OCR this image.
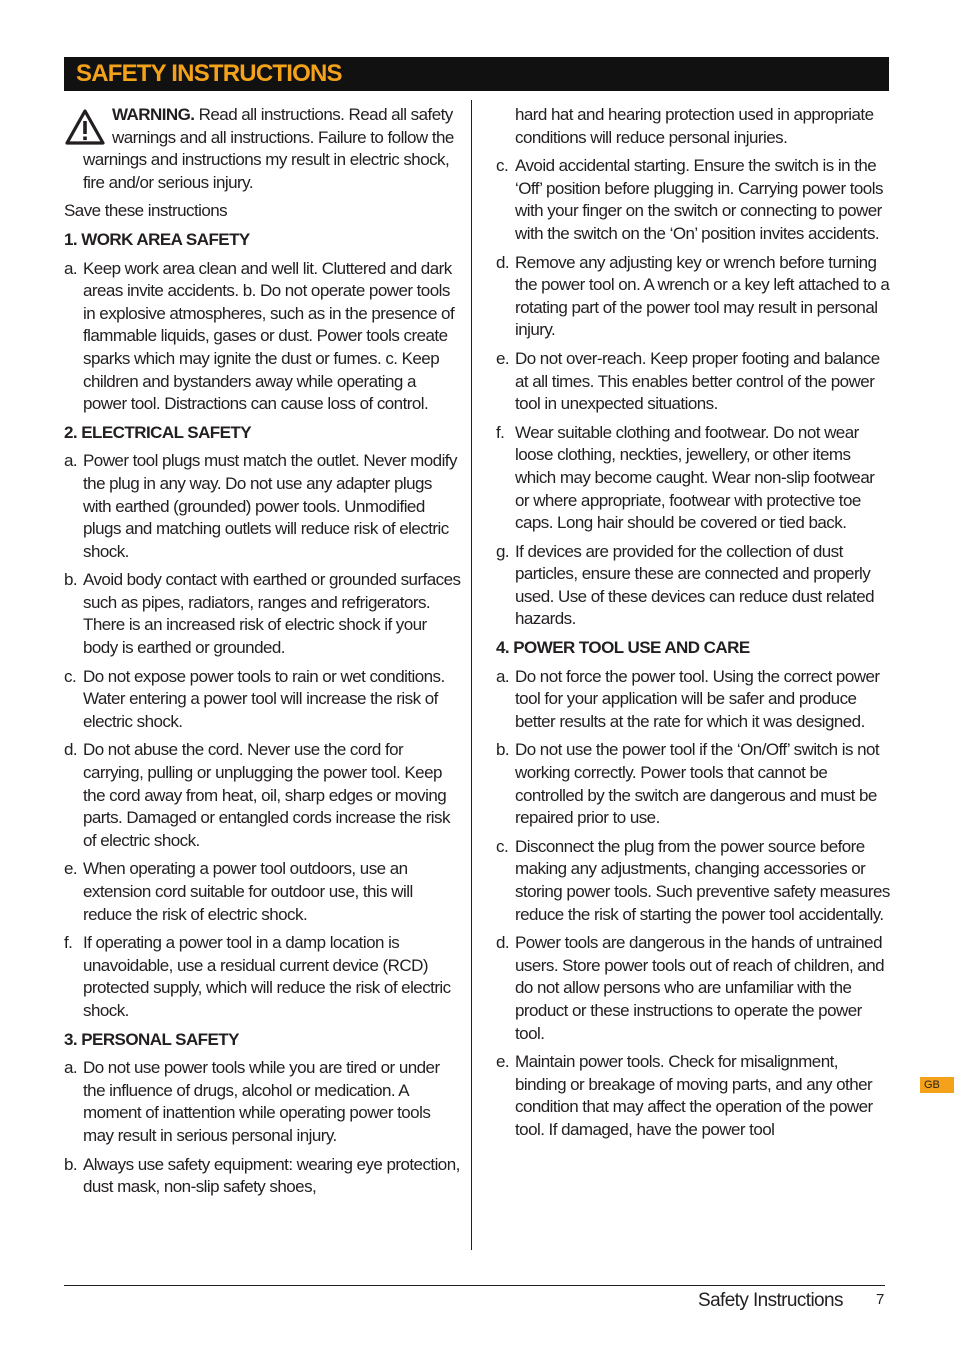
SAFETY INSTRUCTIONS

WARNING. Read all instructions. Read all safety warnings and all instructions. Failure to follow the warnings and instructions my result in electric shock, fire and/or serious injury.

Save these instructions

1. WORK AREA SAFETY

a. Keep work area clean and well lit. Cluttered and dark areas invite accidents. b. Do not operate power tools in explosive atmospheres, such as in the presence of flammable liquids, gases or dust. Power tools create sparks which may ignite the dust or fumes. c. Keep children and bystanders away while operating a power tool. Distractions can cause loss of control.

2. ELECTRICAL SAFETY

a. Power tool plugs must match the outlet. Never modify the plug in any way. Do not use any adapter plugs with earthed (grounded) power tools. Unmodified plugs and matching outlets will reduce risk of electric shock.

b. Avoid body contact with earthed or grounded surfaces such as pipes, radiators, ranges and refrigerators. There is an increased risk of electric shock if your body is earthed or grounded.

c. Do not expose power tools to rain or wet conditions. Water entering a power tool will increase the risk of electric shock.

d. Do not abuse the cord. Never use the cord for carrying, pulling or unplugging the power tool. Keep the cord away from heat, oil, sharp edges or moving parts. Damaged or entangled cords increase the risk of electric shock.

e. When operating a power tool outdoors, use an extension cord suitable for outdoor use, this will reduce the risk of electric shock.

f. If operating a power tool in a damp location is unavoidable, use a residual current device (RCD) protected supply, which will reduce the risk of electric shock.

3. PERSONAL SAFETY

a. Do not use power tools while you are tired or under the influence of drugs, alcohol or medication. A moment of inattention while operating power tools may result in serious personal injury.

b. Always use safety equipment: wearing eye protection, dust mask, non-slip safety shoes,

hard hat and hearing protection used in appropriate conditions will reduce personal injuries.

c. Avoid accidental starting. Ensure the switch is in the ‘Off’ position before plugging in. Carrying power tools with your finger on the switch or connecting to power with the switch on the ‘On’ position invites accidents.

d. Remove any adjusting key or wrench before turning the power tool on. A wrench or a key left attached to a rotating part of the power tool may result in personal injury.

e. Do not over-reach. Keep proper footing and balance at all times. This enables better control of the power tool in unexpected situations.

f. Wear suitable clothing and footwear. Do not wear loose clothing, neckties, jewellery, or other items which may become caught. Wear non-slip footwear or where appropriate, footwear with protective toe caps. Long hair should be covered or tied back.

g. If devices are provided for the collection of dust particles, ensure these are connected and properly used. Use of these devices can reduce dust related hazards.

4. POWER TOOL USE AND CARE

a. Do not force the power tool. Using the correct power tool for your application will be safer and produce better results at the rate for which it was designed.

b. Do not use the power tool if the ‘On/Off’ switch is not working correctly. Power tools that cannot be controlled by the switch are dangerous and must be repaired prior to use.

c. Disconnect the plug from the power source before making any adjustments, changing accessories or storing power tools. Such preventive safety measures reduce the risk of starting the power tool accidentally.

d. Power tools are dangerous in the hands of untrained users. Store power tools out of reach of children, and do not allow persons who are unfamiliar with the product or these instructions to operate the power tool.

e. Maintain power tools. Check for misalignment, binding or breakage of moving parts, and any other condition that may affect the operation of the power tool. If damaged, have the power tool

GB
Safety Instructions 7
